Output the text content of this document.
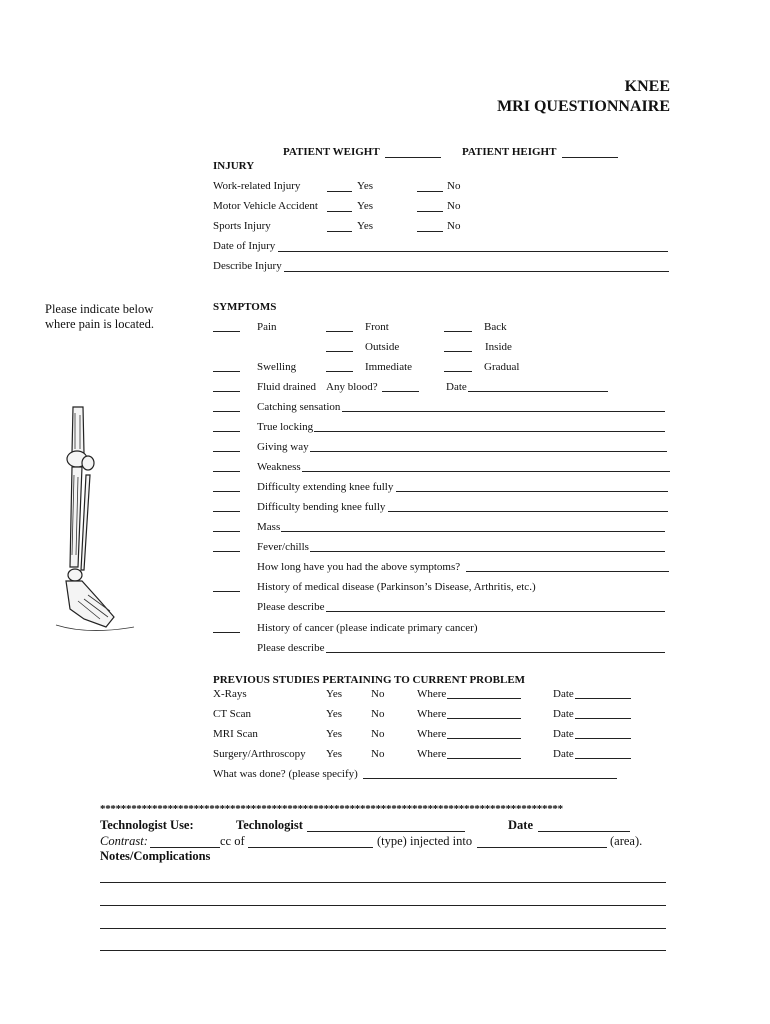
KNEE
MRI QUESTIONNAIRE
PATIENT WEIGHT	PATIENT HEIGHT
INJURY
Work-related Injury	Yes	No
Motor Vehicle Accident	Yes	No
Sports Injury	Yes	No
Date of Injury
Describe Injury
Please indicate below
where pain is located.
SYMPTOMS
Pain	Front	Back
Outside	Inside
Swelling	Immediate	Gradual
Fluid drained Any blood?	Date
Catching sensation
True locking
Giving way
Weakness
Difficulty extending knee fully
Difficulty bending knee fully
Mass
Fever/chills
How long have you had the above symptoms?
History of medical disease (Parkinson’s Disease, Arthritis, etc.)
Please describe
History of cancer (please indicate primary cancer)
Please describe
PREVIOUS STUDIES PERTAINING TO CURRENT PROBLEM
X-Rays	Yes	No	Where	Date
CT Scan	Yes	No	Where	Date
MRI Scan	Yes	No	Where	Date
Surgery/Arthroscopy Yes	No	Where	Date
What was done? (please specify)
*****************************************************************************************
Technologist Use:	Technologist	Date
Contrast:	cc of	(type) injected into	(area).
Notes/Complications
